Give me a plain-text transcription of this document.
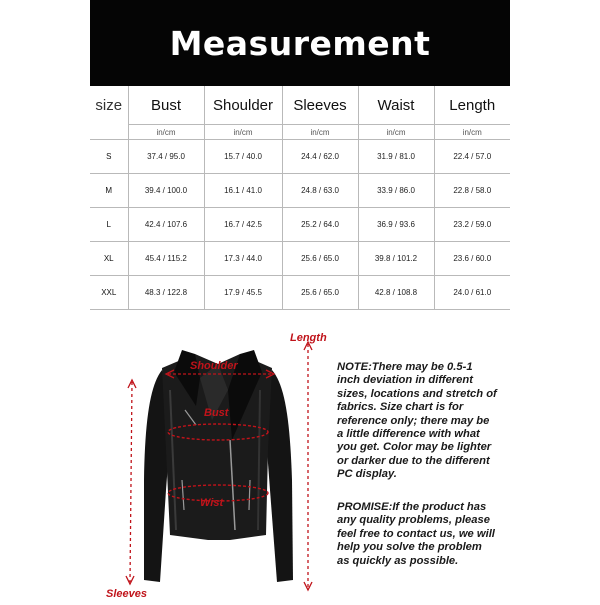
Measurement
size	Bust	Shoulder	Sleeves	Waist	Length
	in/cm	in/cm	in/cm	in/cm	in/cm
S	37.4 / 95.0	15.7 / 40.0	24.4 / 62.0	31.9 / 81.0	22.4 / 57.0
M	39.4 / 100.0	16.1 / 41.0	24.8 / 63.0	33.9 / 86.0	22.8 / 58.0
L	42.4 / 107.6	16.7 / 42.5	25.2 / 64.0	36.9 / 93.6	23.2 / 59.0
XL	45.4 / 115.2	17.3 / 44.0	25.6 / 65.0	39.8 / 101.2	23.6 / 60.0
XXL	48.3 / 122.8	17.9 / 45.5	25.6 / 65.0	42.8 / 108.8	24.0 / 61.0
Length
Shoulder
Bust
Wist
Sleeves
NOTE:There may be 0.5-1 inch deviation in different sizes, locations and stretch of fabrics. Size chart is for reference only; there may be a little difference with what you get. Color may be lighter or darker due to the different PC display.
PROMISE:If the product has any quality problems, please feel free to contact us, we will help you solve the problem as quickly as possible.
